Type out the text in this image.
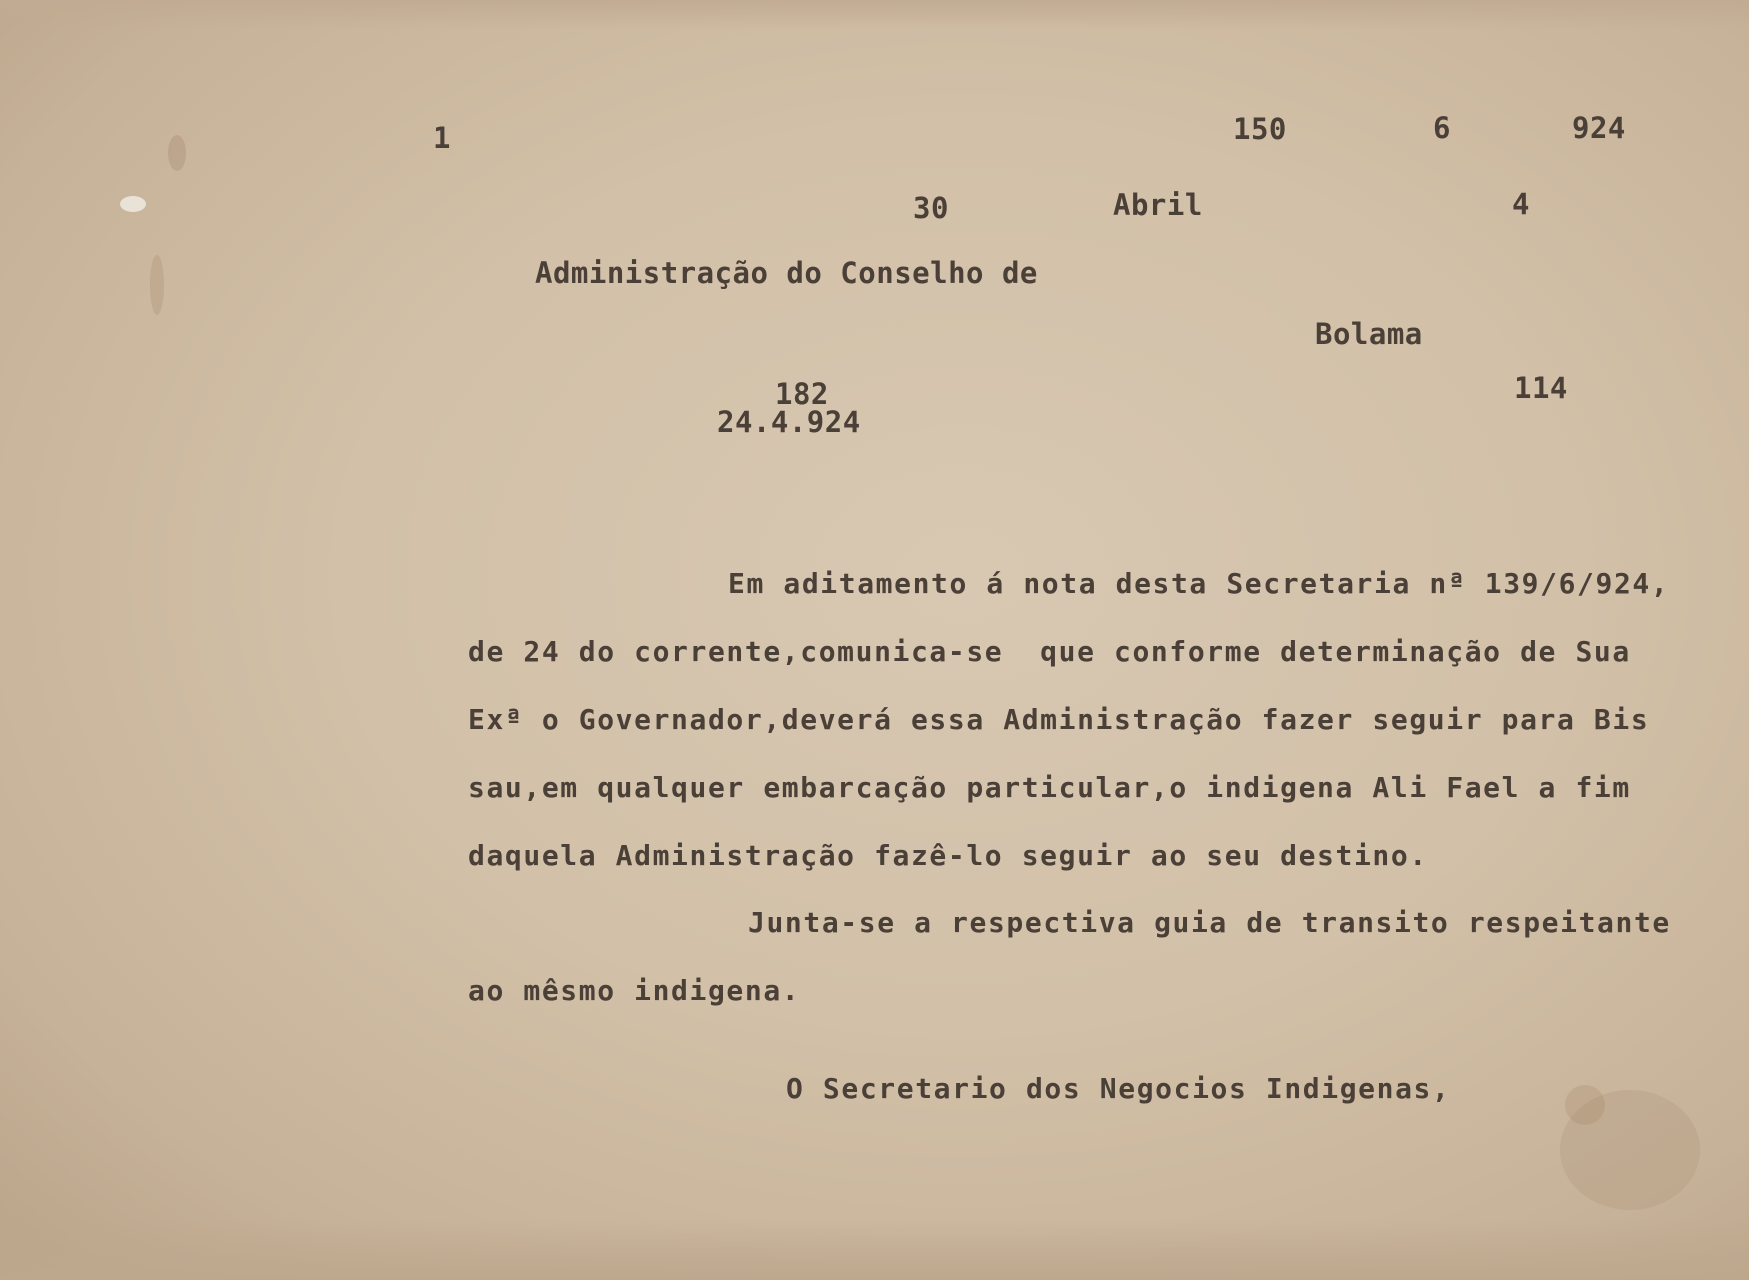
1	150	6	924

30	Abril	4

Administração do Conselho de

Bolama

182

24.4.924

114

Em aditamento á nota desta Secretaria nª 139/6/924,

de 24 do corrente,comunica-se  que conforme determinação de Sua

Exª o Governador,deverá essa Administração fazer seguir para Bis

sau,em qualquer embarcação particular,o indigena Ali Fael a fim

daquela Administração fazê-lo seguir ao seu destino.

Junta-se a respectiva guia de transito respeitante

ao mêsmo indigena.

O Secretario dos Negocios Indigenas,
